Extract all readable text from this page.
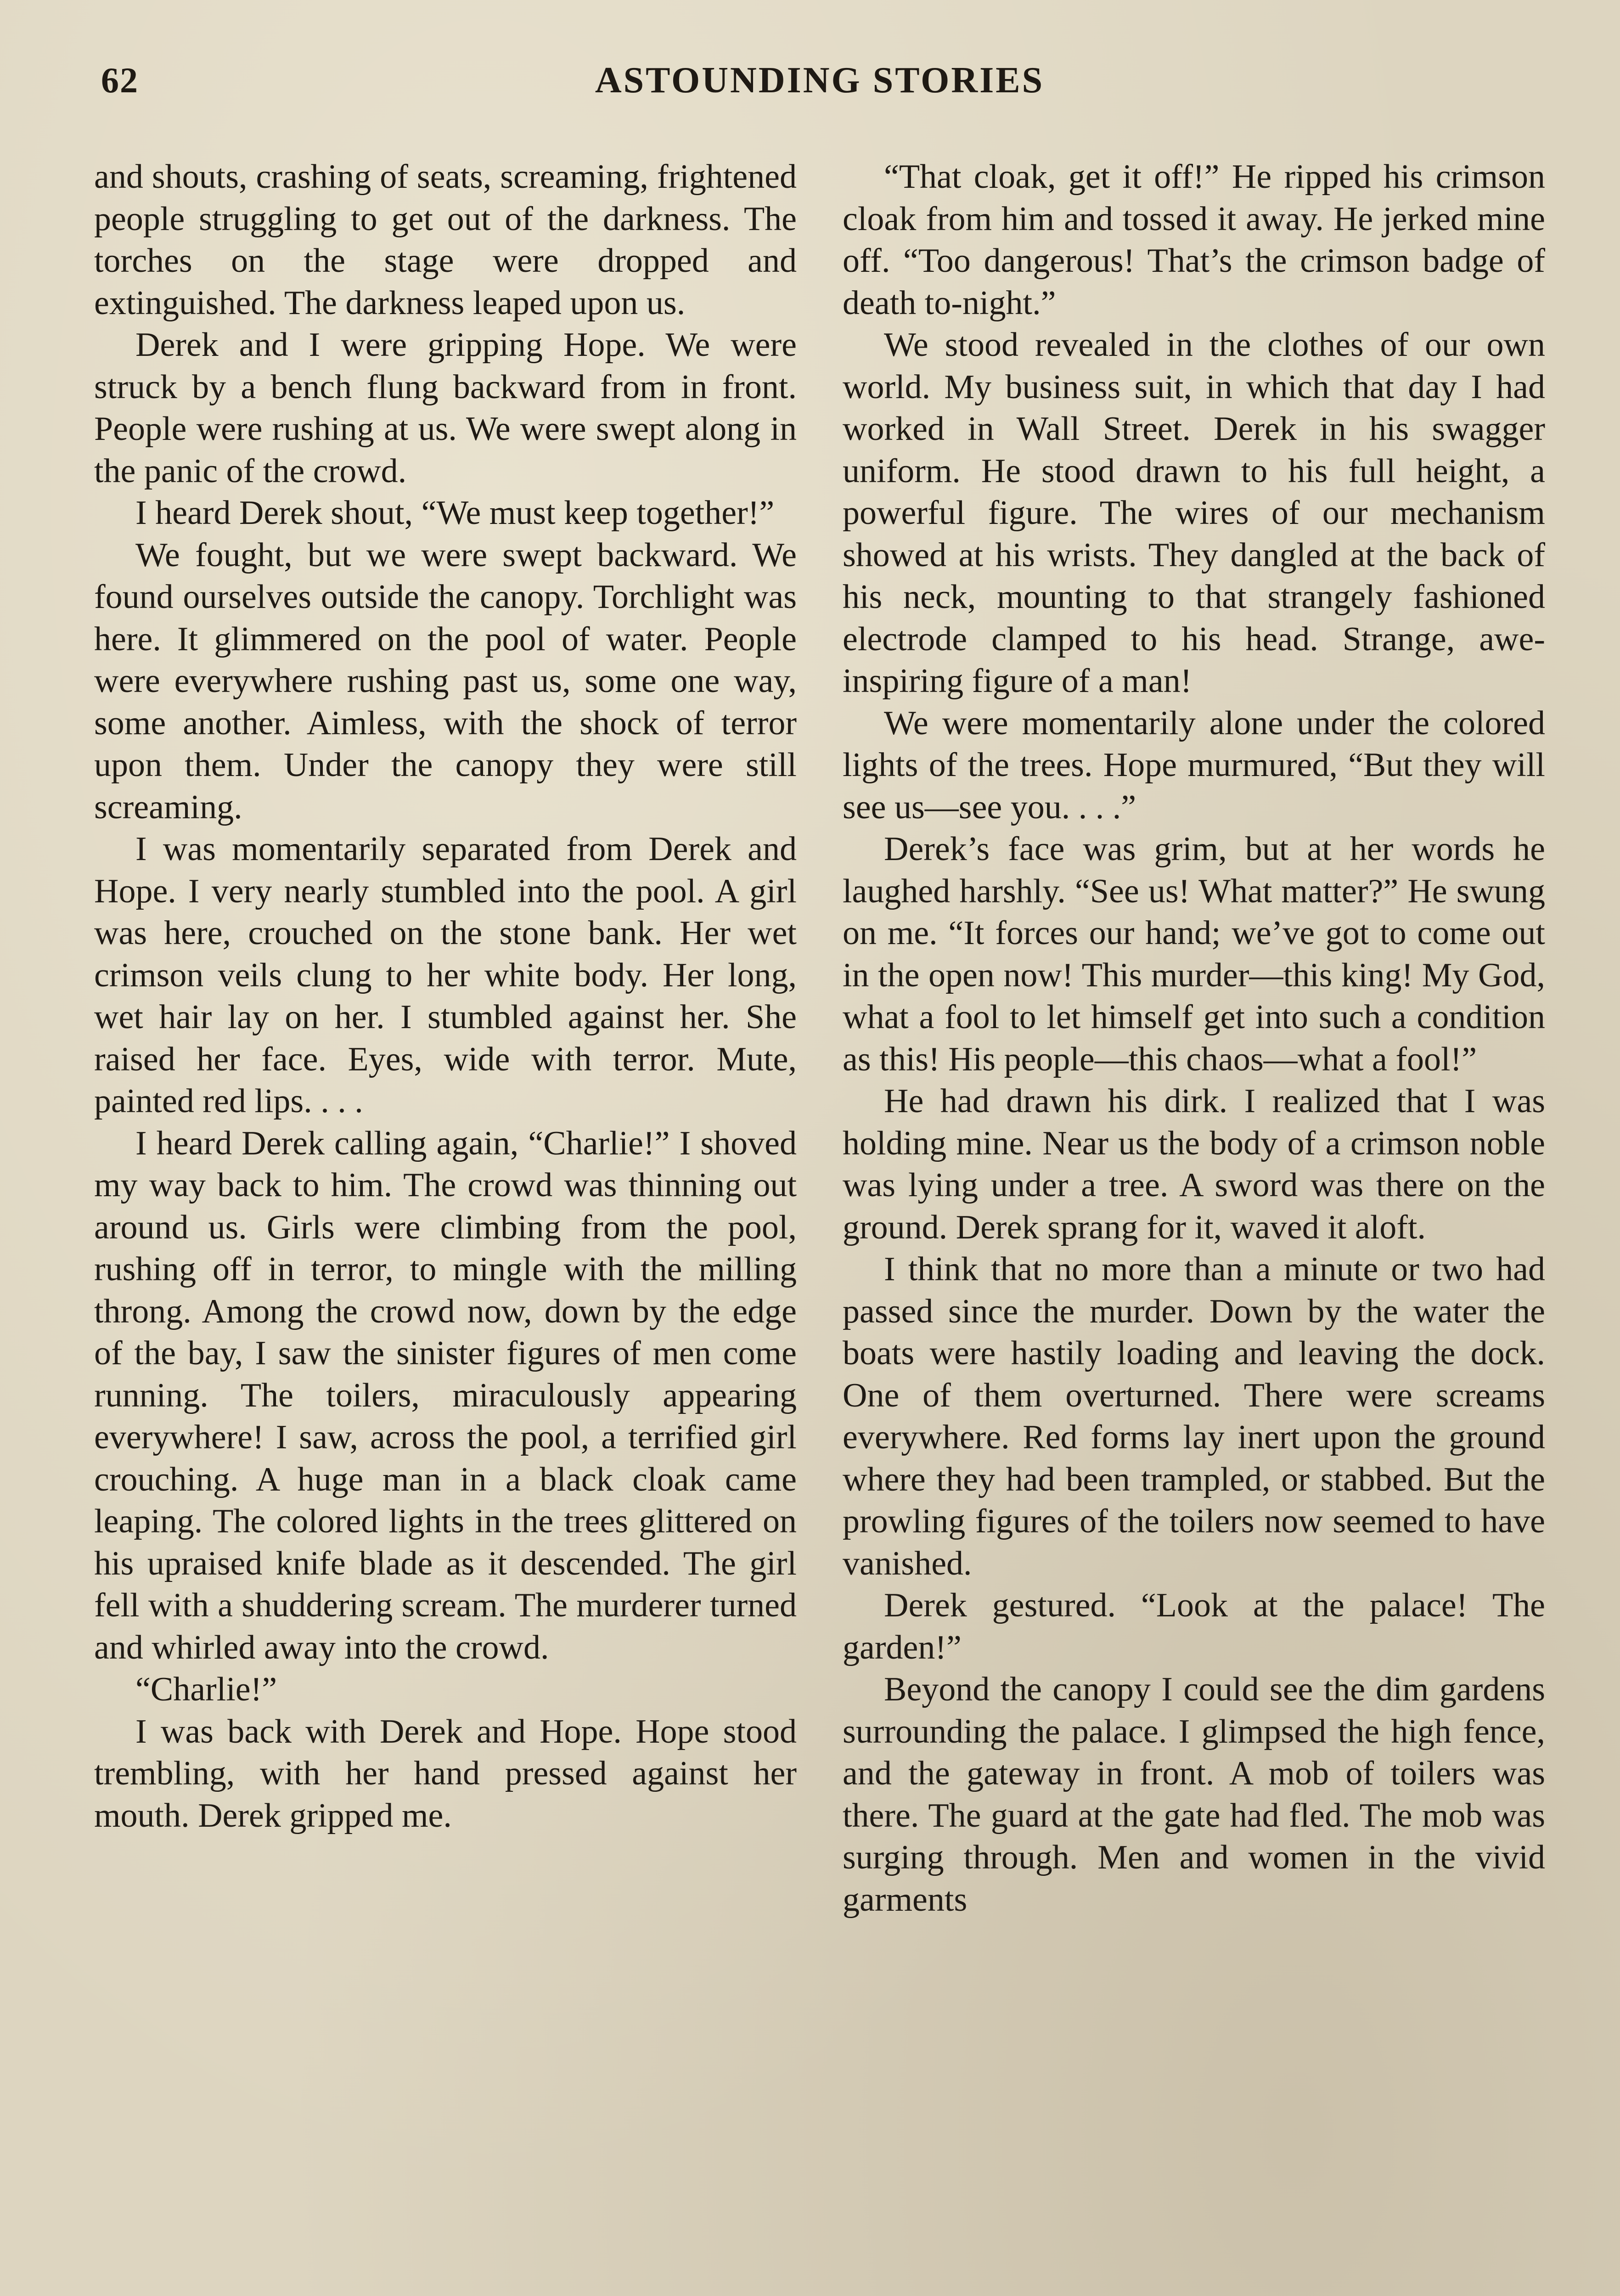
62	ASTOUNDING STORIES

and shouts, crashing of seats, screaming, frightened people struggling to get out of the darkness. The torches on the stage were dropped and extinguished. The darkness leaped upon us.

Derek and I were gripping Hope. We were struck by a bench flung backward from in front. People were rushing at us. We were swept along in the panic of the crowd.

I heard Derek shout, “We must keep together!”

We fought, but we were swept backward. We found ourselves outside the canopy. Torchlight was here. It glimmered on the pool of water. People were everywhere rushing past us, some one way, some another. Aimless, with the shock of terror upon them. Under the canopy they were still screaming.

I was momentarily separated from Derek and Hope. I very nearly stumbled into the pool. A girl was here, crouched on the stone bank. Her wet crimson veils clung to her white body. Her long, wet hair lay on her. I stumbled against her. She raised her face. Eyes, wide with terror. Mute, painted red lips. . . .

I heard Derek calling again, “Charlie!” I shoved my way back to him. The crowd was thinning out around us. Girls were climbing from the pool, rushing off in terror, to mingle with the milling throng. Among the crowd now, down by the edge of the bay, I saw the sinister figures of men come running. The toilers, miraculously appearing everywhere! I saw, across the pool, a terrified girl crouching. A huge man in a black cloak came leaping. The colored lights in the trees glittered on his upraised knife blade as it descended. The girl fell with a shuddering scream. The murderer turned and whirled away into the crowd.

“Charlie!”

I was back with Derek and Hope. Hope stood trembling, with her hand pressed against her mouth. Derek gripped me.

“That cloak, get it off!” He ripped his crimson cloak from him and tossed it away. He jerked mine off. “Too dangerous! That’s the crimson badge of death to-night.”

We stood revealed in the clothes of our own world. My business suit, in which that day I had worked in Wall Street. Derek in his swagger uniform. He stood drawn to his full height, a powerful figure. The wires of our mechanism showed at his wrists. They dangled at the back of his neck, mounting to that strangely fashioned electrode clamped to his head. Strange, awe-inspiring figure of a man!

We were momentarily alone under the colored lights of the trees. Hope murmured, “But they will see us—see you. . . .”

Derek’s face was grim, but at her words he laughed harshly. “See us! What matter?” He swung on me. “It forces our hand; we’ve got to come out in the open now! This murder—this king! My God, what a fool to let himself get into such a condition as this! His people—this chaos—what a fool!”

He had drawn his dirk. I realized that I was holding mine. Near us the body of a crimson noble was lying under a tree. A sword was there on the ground. Derek sprang for it, waved it aloft.

I think that no more than a minute or two had passed since the murder. Down by the water the boats were hastily loading and leaving the dock. One of them overturned. There were screams everywhere. Red forms lay inert upon the ground where they had been trampled, or stabbed. But the prowling figures of the toilers now seemed to have vanished.

Derek gestured. “Look at the palace! The garden!”

Beyond the canopy I could see the dim gardens surrounding the palace. I glimpsed the high fence, and the gateway in front. A mob of toilers was there. The guard at the gate had fled. The mob was surging through. Men and women in the vivid garments
